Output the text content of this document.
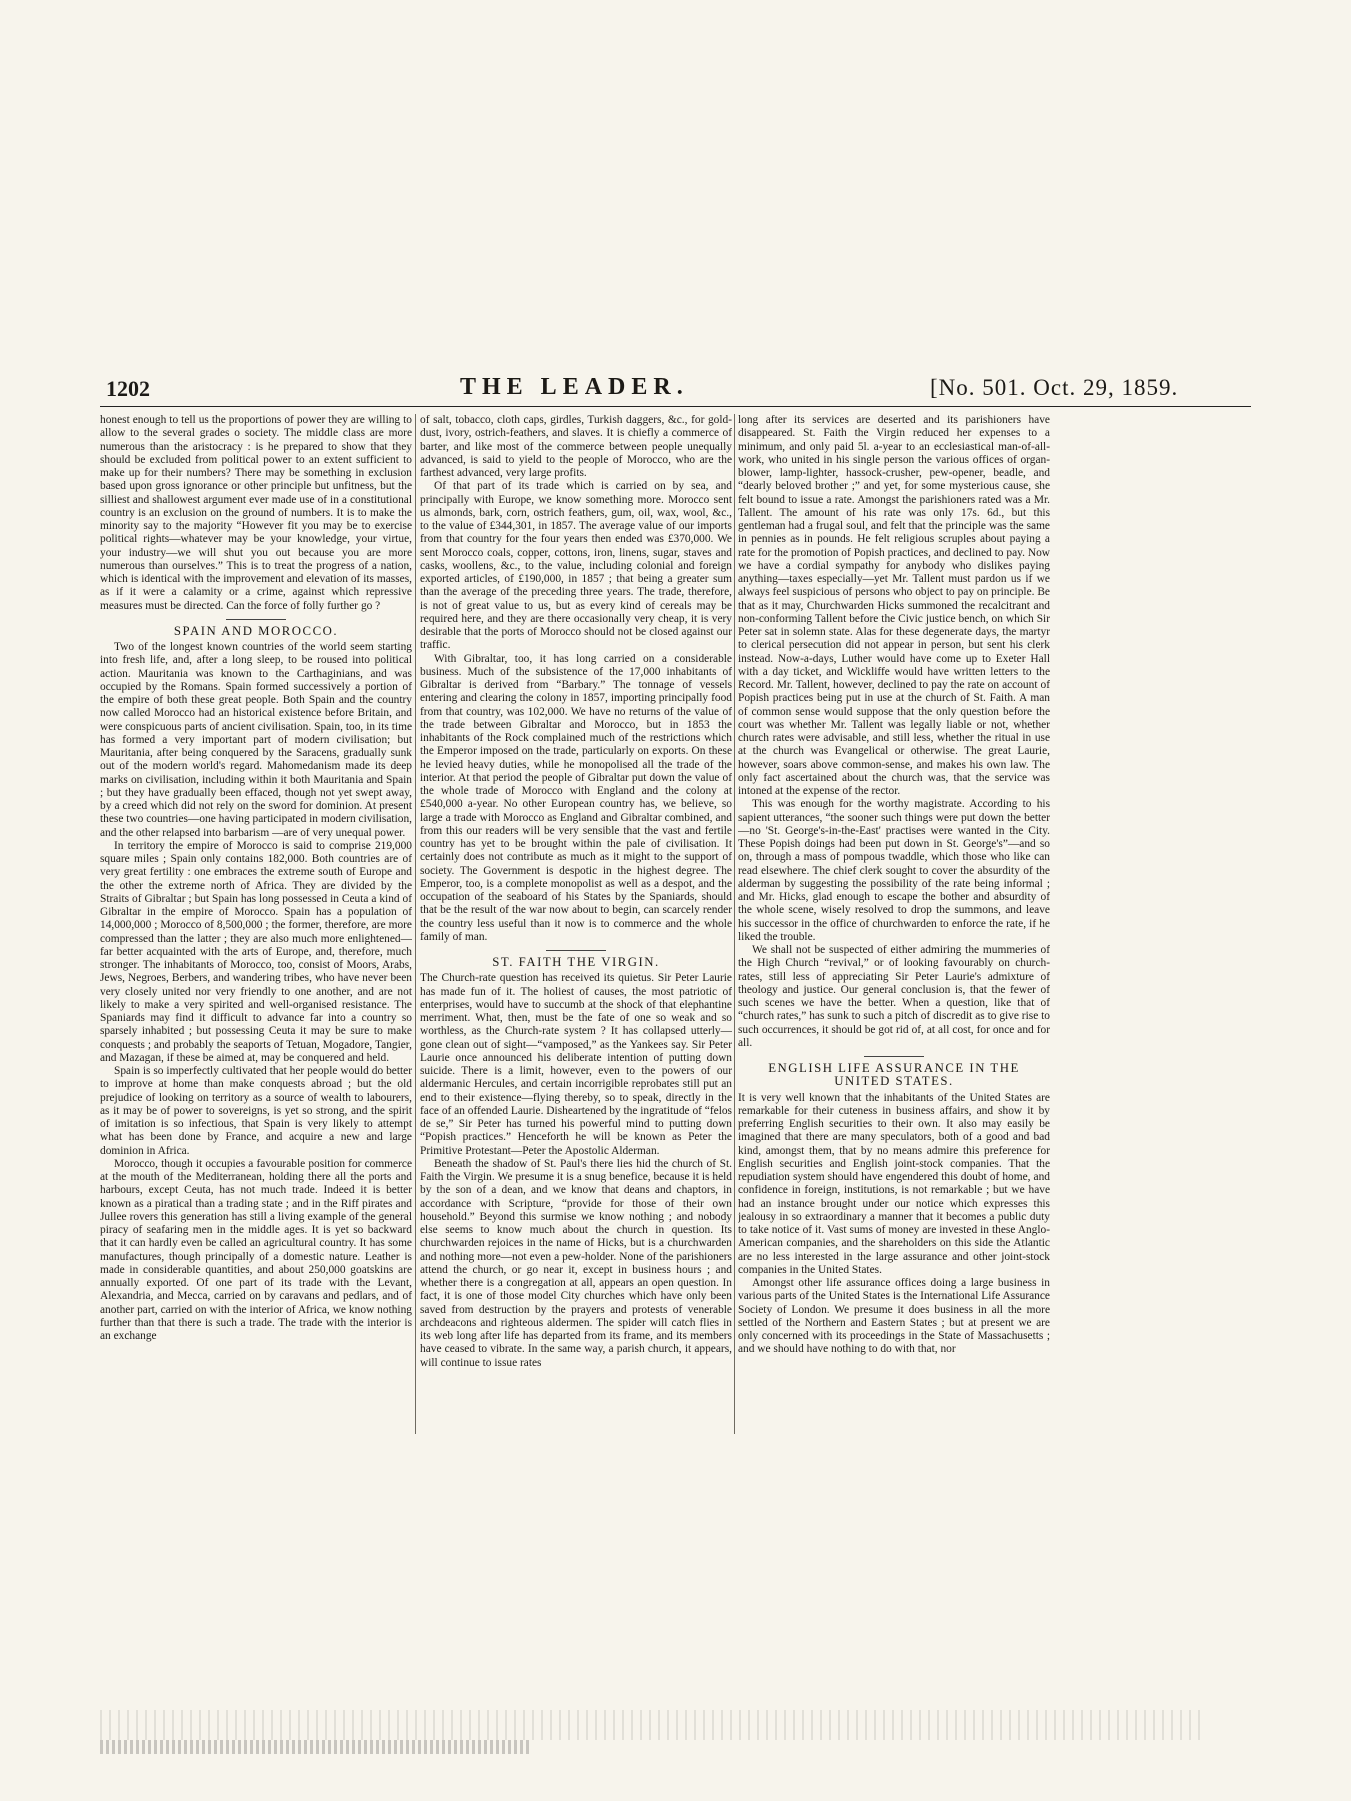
1202	THE LEADER.	[No. 501. Oct. 29, 1859.

honest enough to tell us the proportions of power they are willing to allow to the several grades o society. The middle class are more numerous than the aristocracy : is he prepared to show that they should be excluded from political power to an extent sufficient to make up for their numbers? There may be something in exclusion based upon gross ignorance or other principle but unfitness, but the silliest and shallowest argument ever made use of in a constitutional country is an exclusion on the ground of numbers. It is to make the minority say to the majority “However fit you may be to exercise political rights—whatever may be your knowledge, your virtue, your industry—we will shut you out because you are more numerous than ourselves.” This is to treat the progress of a nation, which is identical with the improvement and elevation of its masses, as if it were a calamity or a crime, against which repressive measures must be directed. Can the force of folly further go ?

SPAIN AND MOROCCO.

Two of the longest known countries of the world seem starting into fresh life, and, after a long sleep, to be roused into political action. Mauritania was known to the Carthaginians, and was occupied by the Romans. Spain formed successively a portion of the empire of both these great people. Both Spain and the country now called Morocco had an historical existence before Britain, and were conspicuous parts of ancient civilisation. Spain, too, in its time has formed a very important part of modern civilisation; but Mauritania, after being conquered by the Saracens, gradually sunk out of the modern world's regard. Mahomedanism made its deep marks on civilisation, including within it both Mauritania and Spain ; but they have gradually been effaced, though not yet swept away, by a creed which did not rely on the sword for dominion. At present these two countries—one having participated in modern civilisation, and the other relapsed into barbarism —are of very unequal power.

In territory the empire of Morocco is said to comprise 219,000 square miles ; Spain only contains 182,000. Both countries are of very great fertility : one embraces the extreme south of Europe and the other the extreme north of Africa. They are divided by the Straits of Gibraltar ; but Spain has long possessed in Ceuta a kind of Gibraltar in the empire of Morocco. Spain has a population of 14,000,000 ; Morocco of 8,500,000 ; the former, therefore, are more compressed than the latter ; they are also much more enlightened—far better acquainted with the arts of Europe, and, therefore, much stronger. The inhabitants of Morocco, too, consist of Moors, Arabs, Jews, Negroes, Berbers, and wandering tribes, who have never been very closely united nor very friendly to one another, and are not likely to make a very spirited and well-organised resistance. The Spaniards may find it difficult to advance far into a country so sparsely inhabited ; but possessing Ceuta it may be sure to make conquests ; and probably the seaports of Tetuan, Mogadore, Tangier, and Mazagan, if these be aimed at, may be conquered and held.

Spain is so imperfectly cultivated that her people would do better to improve at home than make conquests abroad ; but the old prejudice of looking on territory as a source of wealth to labourers, as it may be of power to sovereigns, is yet so strong, and the spirit of imitation is so infectious, that Spain is very likely to attempt what has been done by France, and acquire a new and large dominion in Africa.

Morocco, though it occupies a favourable position for commerce at the mouth of the Mediterranean, holding there all the ports and harbours, except Ceuta, has not much trade. Indeed it is better known as a piratical than a trading state ; and in the Riff pirates and Jullee rovers this generation has still a living example of the general piracy of seafaring men in the middle ages. It is yet so backward that it can hardly even be called an agricultural country. It has some manufactures, though principally of a domestic nature. Leather is made in considerable quantities, and about 250,000 goatskins are annually exported. Of one part of its trade with the Levant, Alexandria, and Mecca, carried on by caravans and pedlars, and of another part, carried on with the interior of Africa, we know nothing further than that there is such a trade. The trade with the interior is an exchange

of salt, tobacco, cloth caps, girdles, Turkish daggers, &c., for gold-dust, ivory, ostrich-feathers, and slaves. It is chiefly a commerce of barter, and like most of the commerce between people unequally advanced, is said to yield to the people of Morocco, who are the farthest advanced, very large profits.

Of that part of its trade which is carried on by sea, and principally with Europe, we know something more. Morocco sent us almonds, bark, corn, ostrich feathers, gum, oil, wax, wool, &c., to the value of £344,301, in 1857. The average value of our imports from that country for the four years then ended was £370,000. We sent Morocco coals, copper, cottons, iron, linens, sugar, staves and casks, woollens, &c., to the value, including colonial and foreign exported articles, of £190,000, in 1857 ; that being a greater sum than the average of the preceding three years. The trade, therefore, is not of great value to us, but as every kind of cereals may be required here, and they are there occasionally very cheap, it is very desirable that the ports of Morocco should not be closed against our traffic.

With Gibraltar, too, it has long carried on a considerable business. Much of the subsistence of the 17,000 inhabitants of Gibraltar is derived from “Barbary.” The tonnage of vessels entering and clearing the colony in 1857, importing principally food from that country, was 102,000. We have no returns of the value of the trade between Gibraltar and Morocco, but in 1853 the inhabitants of the Rock complained much of the restrictions which the Emperor imposed on the trade, particularly on exports. On these he levied heavy duties, while he monopolised all the trade of the interior. At that period the people of Gibraltar put down the value of the whole trade of Morocco with England and the colony at £540,000 a-year. No other European country has, we believe, so large a trade with Morocco as England and Gibraltar combined, and from this our readers will be very sensible that the vast and fertile country has yet to be brought within the pale of civilisation. It certainly does not contribute as much as it might to the support of society. The Government is despotic in the highest degree. The Emperor, too, is a complete monopolist as well as a despot, and the occupation of the seaboard of his States by the Spaniards, should that be the result of the war now about to begin, can scarcely render the country less useful than it now is to commerce and the whole family of man.

ST. FAITH THE VIRGIN.

The Church-rate question has received its quietus. Sir Peter Laurie has made fun of it. The holiest of causes, the most patriotic of enterprises, would have to succumb at the shock of that elephantine merriment. What, then, must be the fate of one so weak and so worthless, as the Church-rate system ? It has collapsed utterly—gone clean out of sight—“vamposed,” as the Yankees say. Sir Peter Laurie once announced his deliberate intention of putting down suicide. There is a limit, however, even to the powers of our aldermanic Hercules, and certain incorrigible reprobates still put an end to their existence—flying thereby, so to speak, directly in the face of an offended Laurie. Disheartened by the ingratitude of “felos de se,” Sir Peter has turned his powerful mind to putting down “Popish practices.” Henceforth he will be known as Peter the Primitive Protestant—Peter the Apostolic Alderman.

Beneath the shadow of St. Paul's there lies hid the church of St. Faith the Virgin. We presume it is a snug benefice, because it is held by the son of a dean, and we know that deans and chaptors, in accordance with Scripture, “provide for those of their own household.” Beyond this surmise we know nothing ; and nobody else seems to know much about the church in question. Its churchwarden rejoices in the name of Hicks, but is a churchwarden and nothing more—not even a pew-holder. None of the parishioners attend the church, or go near it, except in business hours ; and whether there is a congregation at all, appears an open question. In fact, it is one of those model City churches which have only been saved from destruction by the prayers and protests of venerable archdeacons and righteous aldermen. The spider will catch flies in its web long after life has departed from its frame, and its members have ceased to vibrate. In the same way, a parish church, it appears, will continue to issue rates

long after its services are deserted and its parishioners have disappeared. St. Faith the Virgin reduced her expenses to a minimum, and only paid 5l. a-year to an ecclesiastical man-of-all-work, who united in his single person the various offices of organ-blower, lamp-lighter, hassock-crusher, pew-opener, beadle, and “dearly beloved brother ;” and yet, for some mysterious cause, she felt bound to issue a rate. Amongst the parishioners rated was a Mr. Tallent. The amount of his rate was only 17s. 6d., but this gentleman had a frugal soul, and felt that the principle was the same in pennies as in pounds. He felt religious scruples about paying a rate for the promotion of Popish practices, and declined to pay. Now we have a cordial sympathy for anybody who dislikes paying anything—taxes especially—yet Mr. Tallent must pardon us if we always feel suspicious of persons who object to pay on principle. Be that as it may, Churchwarden Hicks summoned the recalcitrant and non-conforming Tallent before the Civic justice bench, on which Sir Peter sat in solemn state. Alas for these degenerate days, the martyr to clerical persecution did not appear in person, but sent his clerk instead. Now-a-days, Luther would have come up to Exeter Hall with a day ticket, and Wickliffe would have written letters to the Record. Mr. Tallent, however, declined to pay the rate on account of Popish practices being put in use at the church of St. Faith. A man of common sense would suppose that the only question before the court was whether Mr. Tallent was legally liable or not, whether church rates were advisable, and still less, whether the ritual in use at the church was Evangelical or otherwise. The great Laurie, however, soars above common-sense, and makes his own law. The only fact ascertained about the church was, that the service was intoned at the expense of the rector.

This was enough for the worthy magistrate. According to his sapient utterances, “the sooner such things were put down the better—no 'St. George's-in-the-East' practises were wanted in the City. These Popish doings had been put down in St. George's”—and so on, through a mass of pompous twaddle, which those who like can read elsewhere. The chief clerk sought to cover the absurdity of the alderman by suggesting the possibility of the rate being informal ; and Mr. Hicks, glad enough to escape the bother and absurdity of the whole scene, wisely resolved to drop the summons, and leave his successor in the office of churchwarden to enforce the rate, if he liked the trouble.

We shall not be suspected of either admiring the mummeries of the High Church “revival,” or of looking favourably on church-rates, still less of appreciating Sir Peter Laurie's admixture of theology and justice. Our general conclusion is, that the fewer of such scenes we have the better. When a question, like that of “church rates,” has sunk to such a pitch of discredit as to give rise to such occurrences, it should be got rid of, at all cost, for once and for all.

ENGLISH LIFE ASSURANCE IN THE UNITED STATES.

It is very well known that the inhabitants of the United States are remarkable for their cuteness in business affairs, and show it by preferring English securities to their own. It also may easily be imagined that there are many speculators, both of a good and bad kind, amongst them, that by no means admire this preference for English securities and English joint-stock companies. That the repudiation system should have engendered this doubt of home, and confidence in foreign, institutions, is not remarkable ; but we have had an instance brought under our notice which expresses this jealousy in so extraordinary a manner that it becomes a public duty to take notice of it. Vast sums of money are invested in these Anglo-American companies, and the shareholders on this side the Atlantic are no less interested in the large assurance and other joint-stock companies in the United States.

Amongst other life assurance offices doing a large business in various parts of the United States is the International Life Assurance Society of London. We presume it does business in all the more settled of the Northern and Eastern States ; but at present we are only concerned with its proceedings in the State of Massachusetts ; and we should have nothing to do with that, nor
